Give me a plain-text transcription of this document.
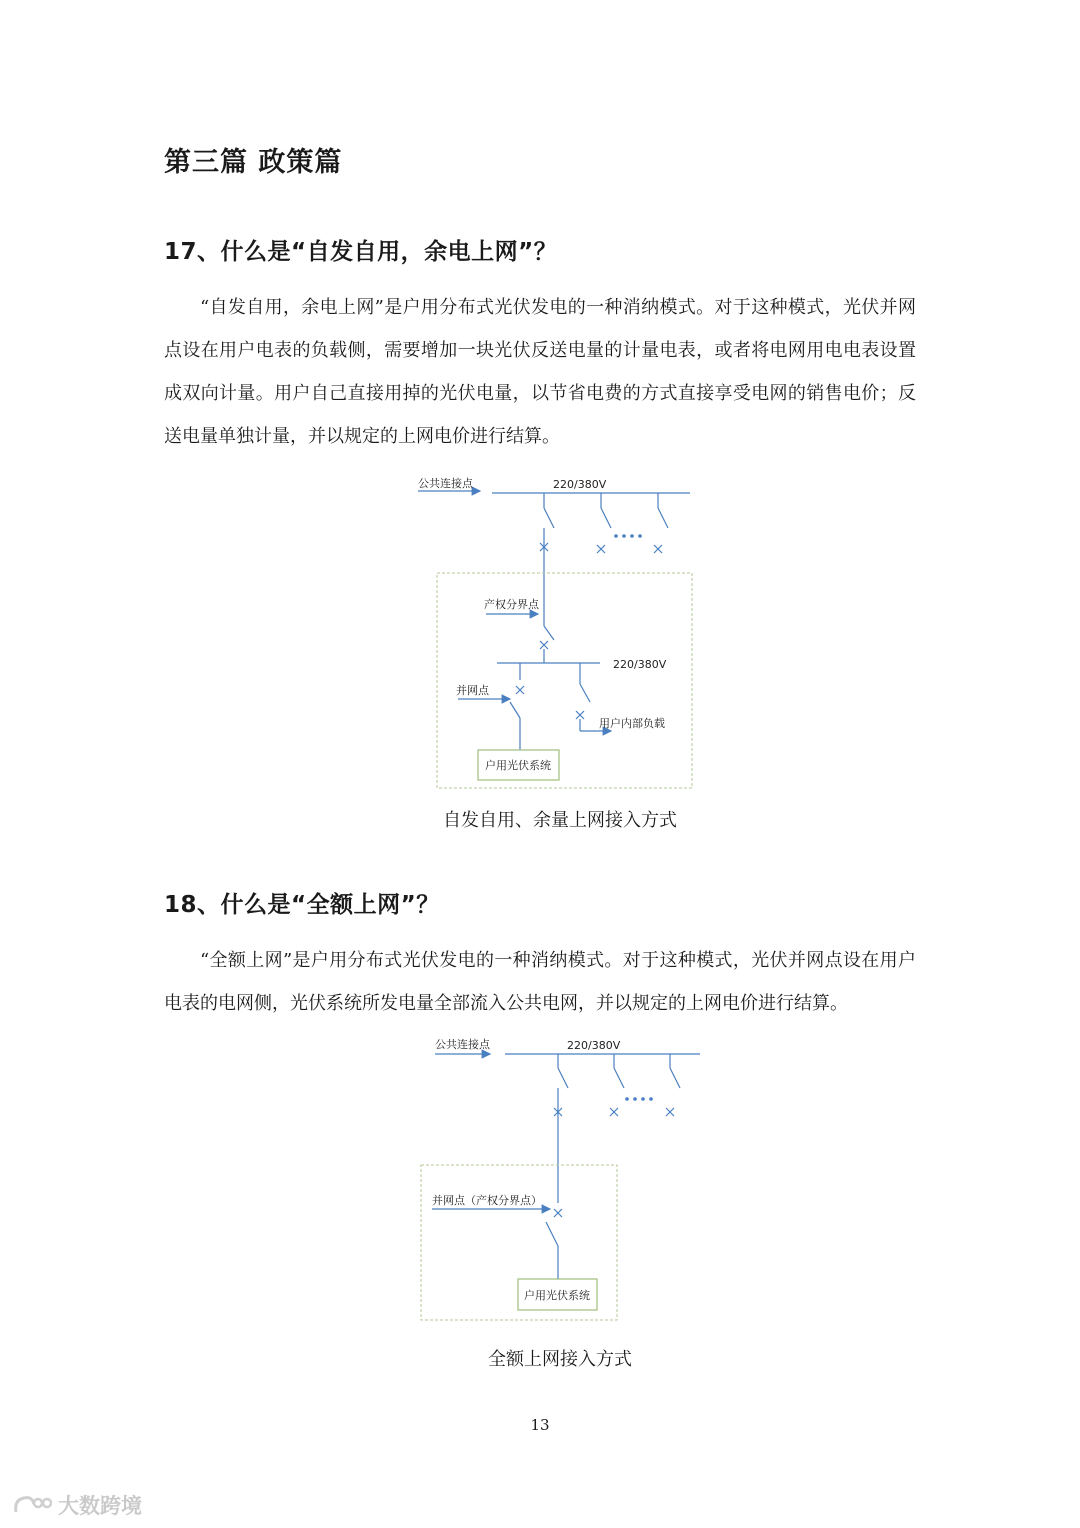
第三篇 政策篇
17、什么是“自发自用，余电上网”？
“自发自用，余电上网”是户用分布式光伏发电的一种消纳模式。对于这种模式，光伏并网点设在用户电表的负载侧，需要增加一块光伏反送电量的计量电表，或者将电网用电电表设置成双向计量。用户自己直接用掉的光伏电量，以节省电费的方式直接享受电网的销售电价；反送电量单独计量，并以规定的上网电价进行结算。
公共连接点	220/380V
产权分界点
220/380V
并网点
用户内部负载
户用光伏系统
自发自用、余量上网接入方式
18、什么是“全额上网”？
“全额上网”是户用分布式光伏发电的一种消纳模式。对于这种模式，光伏并网点设在用户电表的电网侧，光伏系统所发电量全部流入公共电网，并以规定的上网电价进行结算。
公共连接点	220/380V
并网点（产权分界点）
户用光伏系统
全额上网接入方式
13
大数跨境
